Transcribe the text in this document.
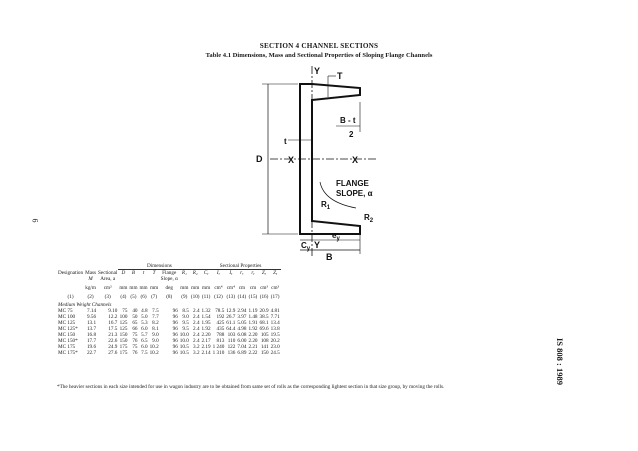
SECTION 4 CHANNEL SECTIONS
Table 4.1 Dimensions, Mass and Sectional Properties of Sloping Flange Channels
6
IS 808 : 1989
Y T
B - t
2
t
X	X
D
FLANGE
SLOPE, α
$R_1$
$R_2$
$C_y$
$e_y$
Y
B
			Dimensions							Sectional Properties						
Designation	Mass	Sectional	D	B	t	T	Flange	R₁	R₂	Cᵧ	Iₓ	Iᵧ	rₓ	rᵧ	Zₓ	Zᵧ
	M	Area, a					Slope, α									
	kg/m	cm²	mm	mm	mm	mm	deg	mm	mm	mm	cm⁴	cm⁴	cm	cm	cm³	cm³
(1)	(2)	(3)	(4)	(5)	(6)	(7)	(8)	(9)	(10)	(11)	(12)	(13)	(14)	(15)	(16)	(17)
Medium Weight Channels																
MC 75	7.14	9.10	75	40	4.8	7.5	96	8.5	2.4	1.32	78.5	12.9	2.94	1.19	20.9	4.81
MC 100	9.56	12.2	100	50	5.0	7.7	96	9.0	2.4	1.54	192	26.7	3.97	1.48	38.5	7.71
MC 125	13.1	16.7	125	65	5.3	8.2	96	9.5	2.4	1.95	425	61.1	5.05	1.91	68.1	13.4
MC 125*	13.7	17.5	125	66	6.0	8.1	96	9.5	2.4	1.92	435	64.4	4.98	1.92	69.6	13.8
MC 150	16.8	21.3	150	75	5.7	9.0	96	10.0	2.4	2.20	788	103	6.08	2.20	105	19.5
MC 150*	17.7	22.6	150	76	6.5	9.0	96	10.0	2.4	2.17	813	110	6.00	2.20	108	20.2
MC 175	19.6	24.9	175	75	6.0	10.2	96	10.5	3.2	2.19	1 240	122	7.04	2.21	141	23.0
MC 175*	22.7	27.6	175	76	7.5	10.2	96	10.5	3.2	2.14	1 310	136	6.89	2.22	150	24.5
*The heavier sections in each size intended for use in wagon industry are to be obtained from same set of rolls as the corresponding lightest section in that size group, by moving the rolls.
